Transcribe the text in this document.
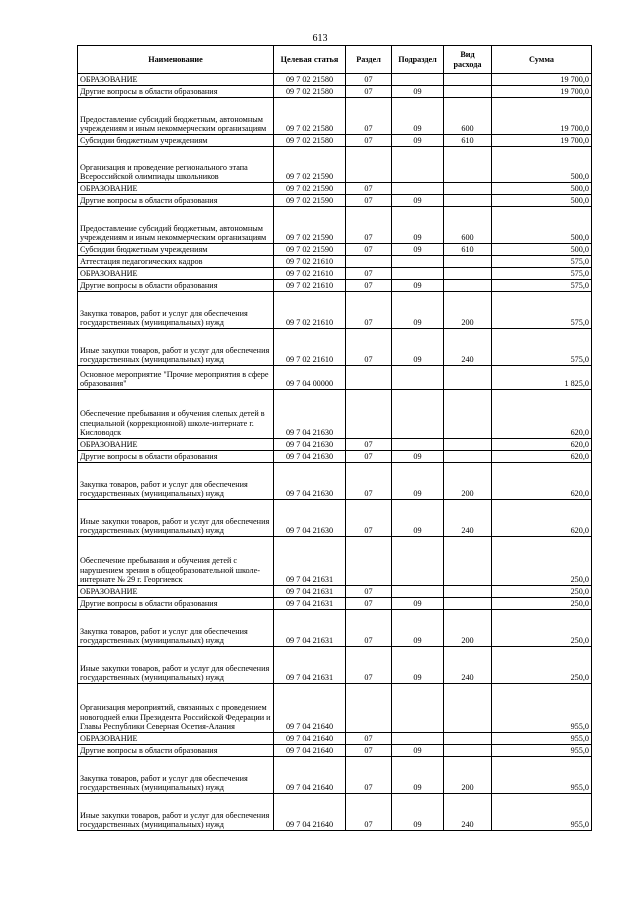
613
Наименование	Целевая статья	Раздел	Подраздел	Вид расхода	Сумма
ОБРАЗОВАНИЕ	09 7 02 21580	07			19 700,0
Другие вопросы в области образования	09 7 02 21580	07	09		19 700,0
Предоставление субсидий бюджетным, автономным учреждениям и иным некоммерческим организациям	09 7 02 21580	07	09	600	19 700,0
Субсидии бюджетным учреждениям	09 7 02 21580	07	09	610	19 700,0
Организация и проведение регионального этапа Всероссийской олимпиады школьников	09 7 02 21590				500,0
ОБРАЗОВАНИЕ	09 7 02 21590	07			500,0
Другие вопросы в области образования	09 7 02 21590	07	09		500,0
Предоставление субсидий бюджетным, автономным учреждениям и иным некоммерческим организациям	09 7 02 21590	07	09	600	500,0
Субсидии бюджетным учреждениям	09 7 02 21590	07	09	610	500,0
Аттестация педагогических кадров	09 7 02 21610				575,0
ОБРАЗОВАНИЕ	09 7 02 21610	07			575,0
Другие вопросы в области образования	09 7 02 21610	07	09		575,0
Закупка товаров, работ и услуг для обеспечения государственных (муниципальных) нужд	09 7 02 21610	07	09	200	575,0
Иные закупки товаров, работ и услуг для обеспечения государственных (муниципальных) нужд	09 7 02 21610	07	09	240	575,0
Основное мероприятие "Прочие мероприятия в сфере образования"	09 7 04 00000				1 825,0
Обеспечение пребывания и обучения слепых детей в специальной (коррекционной) школе-интернате г. Кисловодск	09 7 04 21630				620,0
ОБРАЗОВАНИЕ	09 7 04 21630	07			620,0
Другие вопросы в области образования	09 7 04 21630	07	09		620,0
Закупка товаров, работ и услуг для обеспечения государственных (муниципальных) нужд	09 7 04 21630	07	09	200	620,0
Иные закупки товаров, работ и услуг для обеспечения государственных (муниципальных) нужд	09 7 04 21630	07	09	240	620,0
Обеспечение пребывания и обучения детей с нарушением зрения в общеобразовательной школе-интернате № 29 г. Георгиевск	09 7 04 21631				250,0
ОБРАЗОВАНИЕ	09 7 04 21631	07			250,0
Другие вопросы в области образования	09 7 04 21631	07	09		250,0
Закупка товаров, работ и услуг для обеспечения государственных (муниципальных) нужд	09 7 04 21631	07	09	200	250,0
Иные закупки товаров, работ и услуг для обеспечения государственных (муниципальных) нужд	09 7 04 21631	07	09	240	250,0
Организация мероприятий, связанных с проведением новогодней елки Президента Российской Федерации и Главы Республики Северная Осетия-Алания	09 7 04 21640				955,0
ОБРАЗОВАНИЕ	09 7 04 21640	07			955,0
Другие вопросы в области образования	09 7 04 21640	07	09		955,0
Закупка товаров, работ и услуг для обеспечения государственных (муниципальных) нужд	09 7 04 21640	07	09	200	955,0
Иные закупки товаров, работ и услуг для обеспечения государственных (муниципальных) нужд	09 7 04 21640	07	09	240	955,0
